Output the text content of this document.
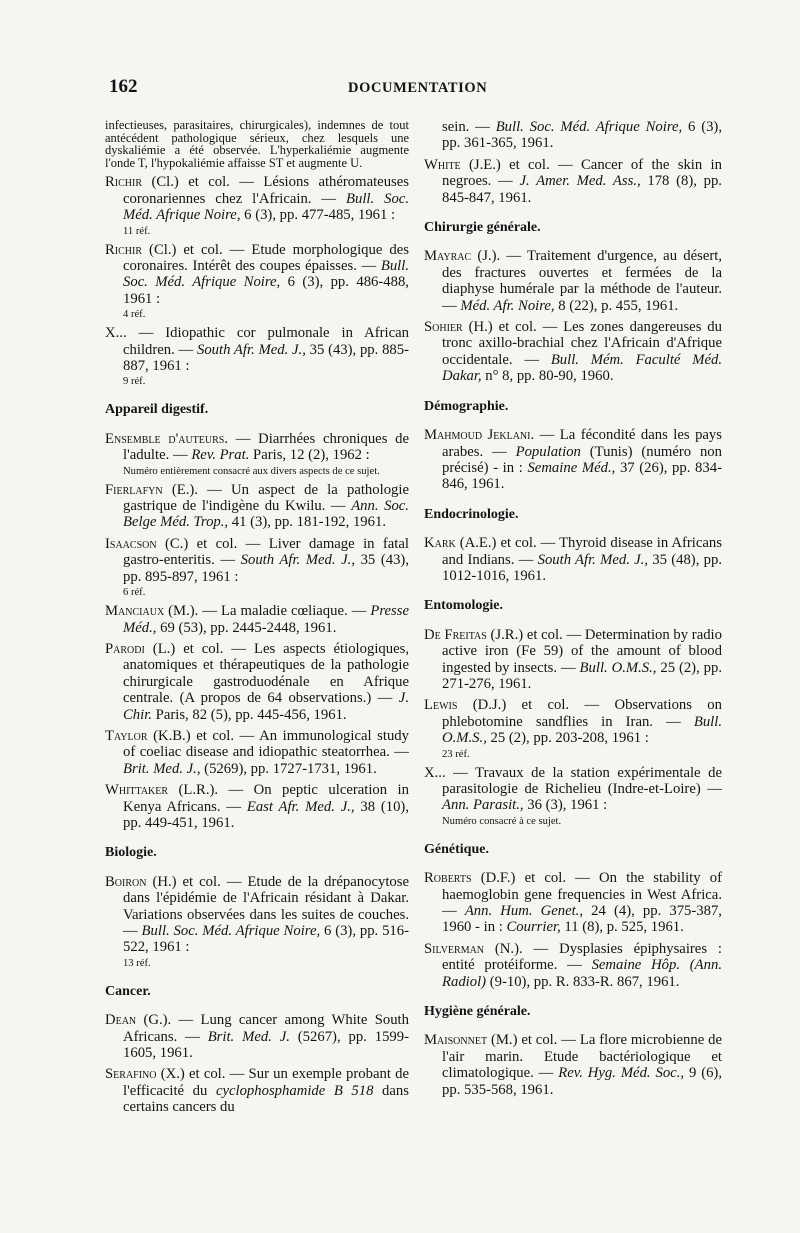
162	DOCUMENTATION

infectieuses, parasitaires, chirurgicales), indemnes de tout antécédent pathologique sérieux, chez lesquels une dyskaliémie a été observée. L'hyperkaliémie augmente l'onde T, l'hypokaliémie affaisse ST et augmente U.

Richir (Cl.) et col. — Lésions athéromateuses coronariennes chez l'Africain. — Bull. Soc. Méd. Afrique Noire, 6 (3), pp. 477-485, 1961 :

11 réf.

Richir (Cl.) et col. — Etude morphologique des coronaires. Intérêt des coupes épaisses. — Bull. Soc. Méd. Afrique Noire, 6 (3), pp. 486-488, 1961 :

4 réf.

X... — Idiopathic cor pulmonale in African children. — South Afr. Med. J., 35 (43), pp. 885-887, 1961 :

9 réf.

Appareil digestif.

Ensemble d'auteurs. — Diarrhées chroniques de l'adulte. — Rev. Prat. Paris, 12 (2), 1962 :

Numéro entièrement consacré aux divers aspects de ce sujet.

Fierlafyn (E.). — Un aspect de la pathologie gastrique de l'indigène du Kwilu. — Ann. Soc. Belge Méd. Trop., 41 (3), pp. 181-192, 1961.

Isaacson (C.) et col. — Liver damage in fatal gastro-enteritis. — South Afr. Med. J., 35 (43), pp. 895-897, 1961 :

6 réf.

Manciaux (M.). — La maladie cœliaque. — Presse Méd., 69 (53), pp. 2445-2448, 1961.

Parodi (L.) et col. — Les aspects étiologiques, anatomiques et thérapeutiques de la pathologie chirurgicale gastroduodénale en Afrique centrale. (A propos de 64 observations.) — J. Chir. Paris, 82 (5), pp. 445-456, 1961.

Taylor (K.B.) et col. — An immunological study of coeliac disease and idiopathic steatorrhea. — Brit. Med. J., (5269), pp. 1727-1731, 1961.

Whittaker (L.R.). — On peptic ulceration in Kenya Africans. — East Afr. Med. J., 38 (10), pp. 449-451, 1961.

Biologie.

Boiron (H.) et col. — Etude de la drépanocytose dans l'épidémie de l'Africain résidant à Dakar. Variations observées dans les suites de couches. — Bull. Soc. Méd. Afrique Noire, 6 (3), pp. 516-522, 1961 :

13 réf.

Cancer.

Dean (G.). — Lung cancer among White South Africans. — Brit. Med. J. (5267), pp. 1599-1605, 1961.

Serafino (X.) et col. — Sur un exemple probant de l'efficacité du cyclophosphamide B 518 dans certains cancers du

sein. — Bull. Soc. Méd. Afrique Noire, 6 (3), pp. 361-365, 1961.

White (J.E.) et col. — Cancer of the skin in negroes. — J. Amer. Med. Ass., 178 (8), pp. 845-847, 1961.

Chirurgie générale.

Mayrac (J.). — Traitement d'urgence, au désert, des fractures ouvertes et fermées de la diaphyse humérale par la méthode de l'auteur. — Méd. Afr. Noire, 8 (22), p. 455, 1961.

Sohier (H.) et col. — Les zones dangereuses du tronc axillo-brachial chez l'Africain d'Afrique occidentale. — Bull. Mém. Faculté Méd. Dakar, n° 8, pp. 80-90, 1960.

Démographie.

Mahmoud Jeklani. — La fécondité dans les pays arabes. — Population (Tunis) (numéro non précisé) - in : Semaine Méd., 37 (26), pp. 834-846, 1961.

Endocrinologie.

Kark (A.E.) et col. — Thyroid disease in Africans and Indians. — South Afr. Med. J., 35 (48), pp. 1012-1016, 1961.

Entomologie.

De Freitas (J.R.) et col. — Determination by radio active iron (Fe 59) of the amount of blood ingested by insects. — Bull. O.M.S., 25 (2), pp. 271-276, 1961.

Lewis (D.J.) et col. — Observations on phlebotomine sandflies in Iran. — Bull. O.M.S., 25 (2), pp. 203-208, 1961 :

23 réf.

X... — Travaux de la station expérimentale de parasitologie de Richelieu (Indre-et-Loire) — Ann. Parasit., 36 (3), 1961 :

Numéro consacré à ce sujet.

Génétique.

Roberts (D.F.) et col. — On the stability of haemoglobin gene frequencies in West Africa. — Ann. Hum. Genet., 24 (4), pp. 375-387, 1960 - in : Courrier, 11 (8), p. 525, 1961.

Silverman (N.). — Dysplasies épiphysaires : entité protéiforme. — Semaine Hôp. (Ann. Radiol) (9-10), pp. R. 833-R. 867, 1961.

Hygiène générale.

Maisonnet (M.) et col. — La flore microbienne de l'air marin. Etude bactériologique et climatologique. — Rev. Hyg. Méd. Soc., 9 (6), pp. 535-568, 1961.
